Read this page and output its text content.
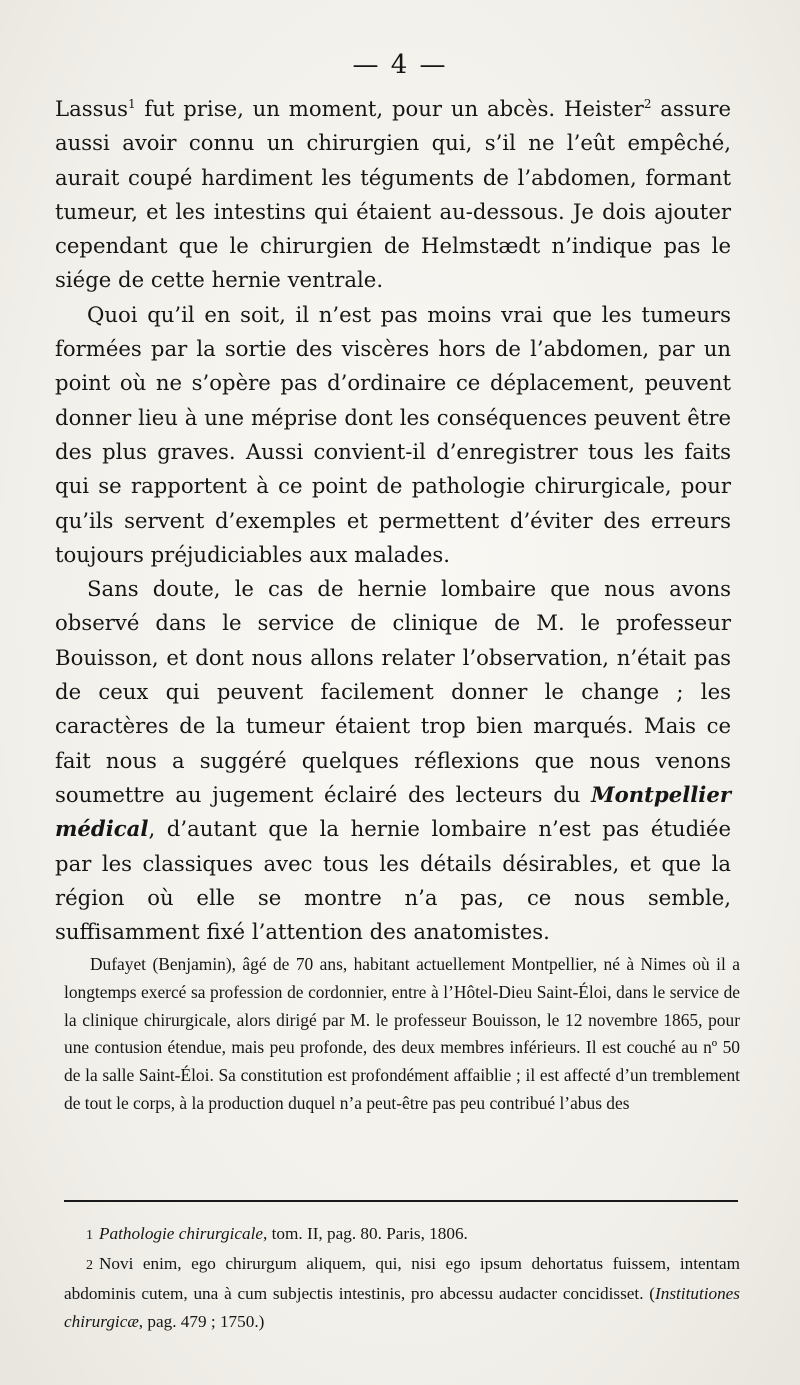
— 4 —

Lassus$^1$ fut prise, un moment, pour un abcès. Heister$^2$ assure aussi avoir connu un chirurgien qui, s’il ne l’eût empêché, aurait coupé hardiment les téguments de l’abdomen, formant tumeur, et les intestins qui étaient au-dessous. Je dois ajouter cependant que le chirurgien de Helmstædt n’indique pas le siége de cette hernie ventrale.

Quoi qu’il en soit, il n’est pas moins vrai que les tumeurs formées par la sortie des viscères hors de l’abdomen, par un point où ne s’opère pas d’ordinaire ce déplacement, peuvent donner lieu à une méprise dont les conséquences peuvent être des plus graves. Aussi convient-il d’enregistrer tous les faits qui se rapportent à ce point de pathologie chirurgicale, pour qu’ils servent d’exemples et permettent d’éviter des erreurs toujours préjudiciables aux malades.

Sans doute, le cas de hernie lombaire que nous avons observé dans le service de clinique de M. le professeur Bouisson, et dont nous allons relater l’observation, n’était pas de ceux qui peuvent facilement donner le change ; les caractères de la tumeur étaient trop bien marqués. Mais ce fait nous a suggéré quelques réflexions que nous venons soumettre au jugement éclairé des lecteurs du Montpellier médical, d’autant que la hernie lombaire n’est pas étudiée par les classiques avec tous les détails désirables, et que la région où elle se montre n’a pas, ce nous semble, suffisamment fixé l’attention des anatomistes.

Dufayet (Benjamin), âgé de 70 ans, habitant actuellement Montpellier, né à Nimes où il a longtemps exercé sa profession de cordonnier, entre à l’Hôtel-Dieu Saint-Éloi, dans le service de la clinique chirurgicale, alors dirigé par M. le professeur Bouisson, le 12 novembre 1865, pour une contusion étendue, mais peu profonde, des deux membres inférieurs. Il est couché au nº 50 de la salle Saint-Éloi. Sa constitution est profondément affaiblie ; il est affecté d’un tremblement de tout le corps, à la production duquel n’a peut-être pas peu contribué l’abus des

1 Pathologie chirurgicale, tom. II, pag. 80. Paris, 1806.

2 Novi enim, ego chirurgum aliquem, qui, nisi ego ipsum dehortatus fuissem, intentam abdominis cutem, una à cum subjectis intestinis, pro abcessu audacter concidisset. (Institutiones chirurgicæ, pag. 479 ; 1750.)
